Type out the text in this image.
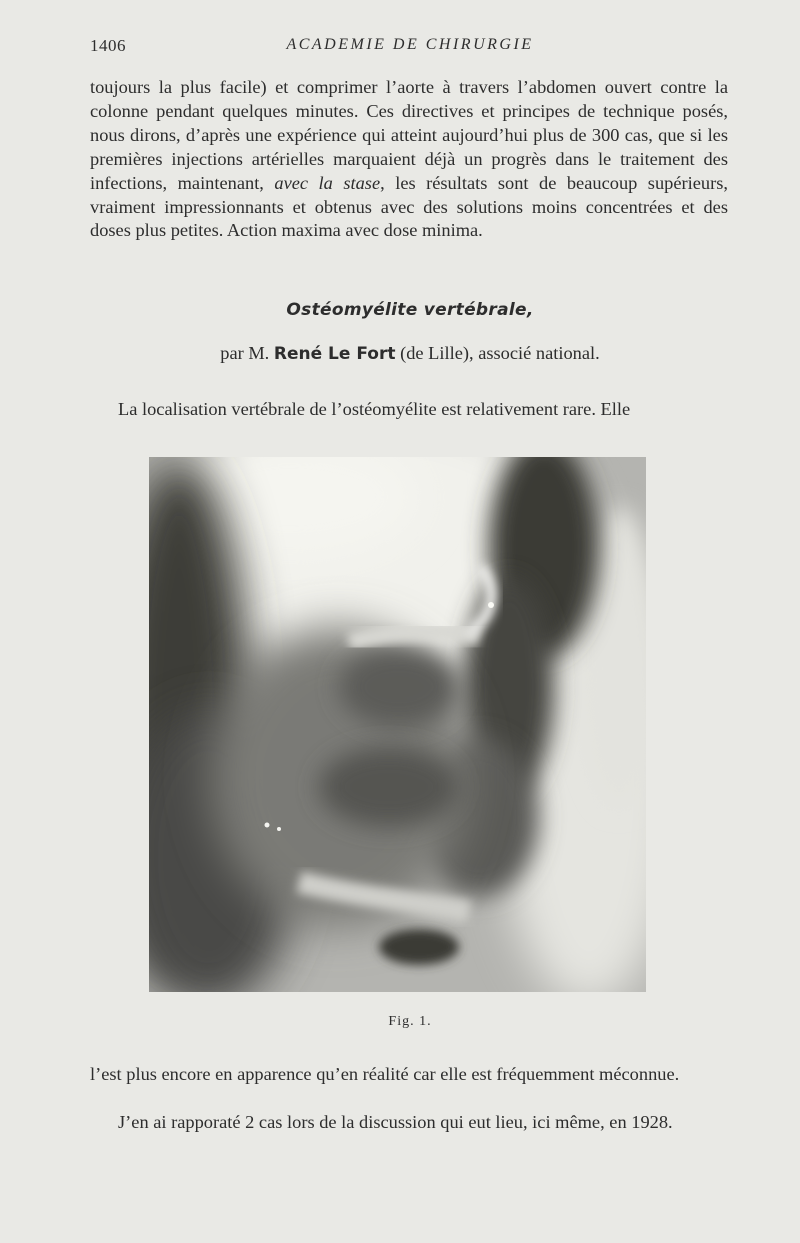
1406	ACADEMIE DE CHIRURGIE

toujours la plus facile) et comprimer l’aorte à travers l’abdomen ouvert contre la colonne pendant quelques minutes. Ces directives et principes de technique posés, nous dirons, d’après une expérience qui atteint aujourd’hui plus de 300 cas, que si les premières injections artérielles marquaient déjà un progrès dans le traitement des infections, maintenant, avec la stase, les résultats sont de beaucoup supérieurs, vraiment impressionnants et obtenus avec des solutions moins concentrées et des doses plus petites. Action maxima avec dose minima.

Ostéomyélite vertébrale,

par M. René Le Fort (de Lille), associé national.

La localisation vertébrale de l’ostéomyélite est relativement rare. Elle

Fig. 1.

l’est plus encore en apparence qu’en réalité car elle est fréquemment méconnue.

J’en ai rapporaté 2 cas lors de la discussion qui eut lieu, ici même, en 1928.
